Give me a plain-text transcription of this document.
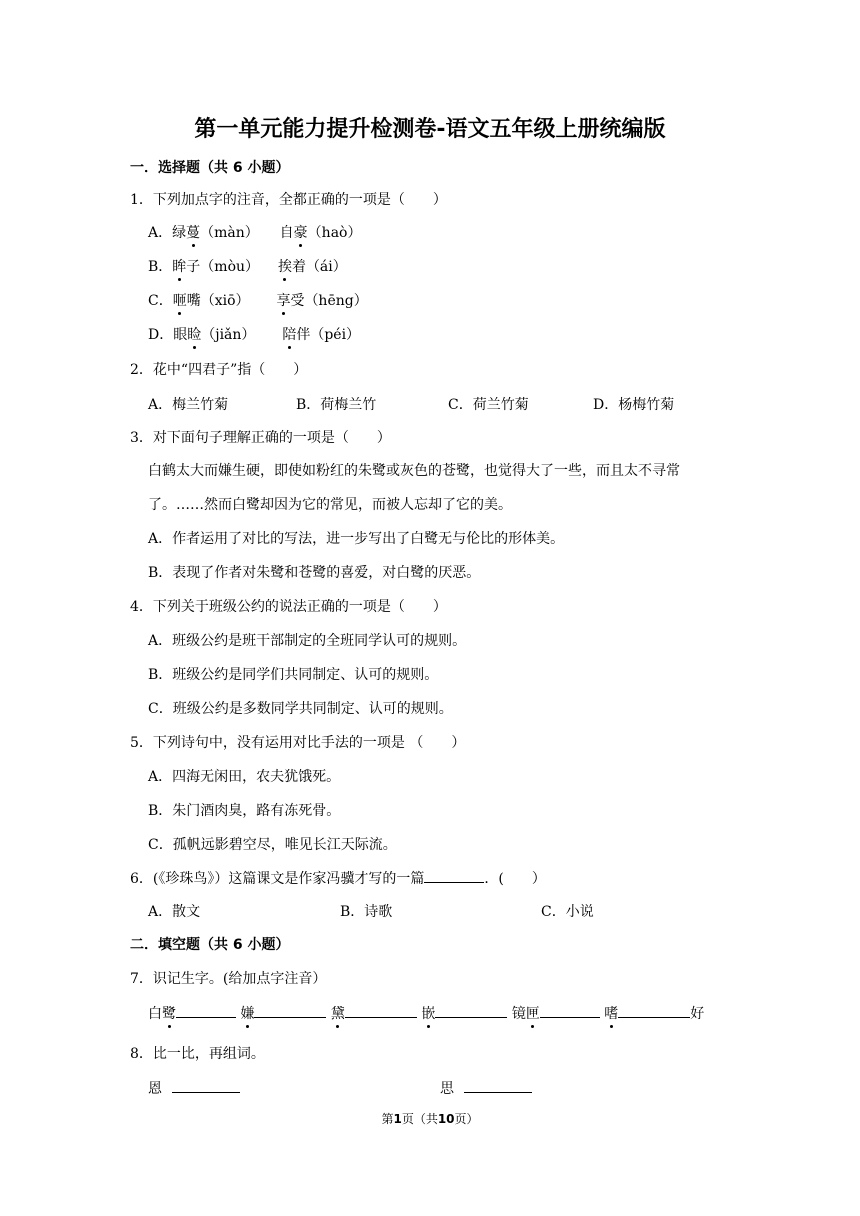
第一单元能力提升检测卷-语文五年级上册统编版
一．选择题（共 6 小题）
1．下列加点字的注音，全都正确的一项是（　　）
A．绿蔓（màn） 自豪（haò）
B．眸子（mòu） 挨着（ái）
C．咂嘴（xiō） 享受（hēng）
D．眼睑（jiǎn） 陪伴（péi）
2．花中“四君子”指（　　）
A．梅兰竹菊	B．荷梅兰竹	C．荷兰竹菊	D．杨梅竹菊
3．对下面句子理解正确的一项是（　　）
白鹤太大而嫌生硬，即使如粉红的朱鹭或灰色的苍鹭，也觉得大了一些，而且太不寻常
了。……然而白鹭却因为它的常见，而被人忘却了它的美。
A．作者运用了对比的写法，进一步写出了白鹭无与伦比的形体美。
B．表现了作者对朱鹭和苍鹭的喜爱，对白鹭的厌恶。
4．下列关于班级公约的说法正确的一项是（　　）
A．班级公约是班干部制定的全班同学认可的规则。
B．班级公约是同学们共同制定、认可的规则。
C．班级公约是多数同学共同制定、认可的规则。
5．下列诗句中，没有运用对比手法的一项是 （　　）
A．四海无闲田，农夫犹饿死。
B．朱门酒肉臭，路有冻死骨。
C．孤帆远影碧空尽，唯见长江天际流。
6．(《珍珠鸟》）这篇课文是作家冯骥才写的一篇	．(　　）
A．散文	B．诗歌	C．小说
二．填空题（共 6 小题）
7．识记生字。(给加点字注音）
白鹭	嫌	黛	嵌	镜匣	嗜	好
8．比一比，再组词。
恩	思
第1页（共10页）
